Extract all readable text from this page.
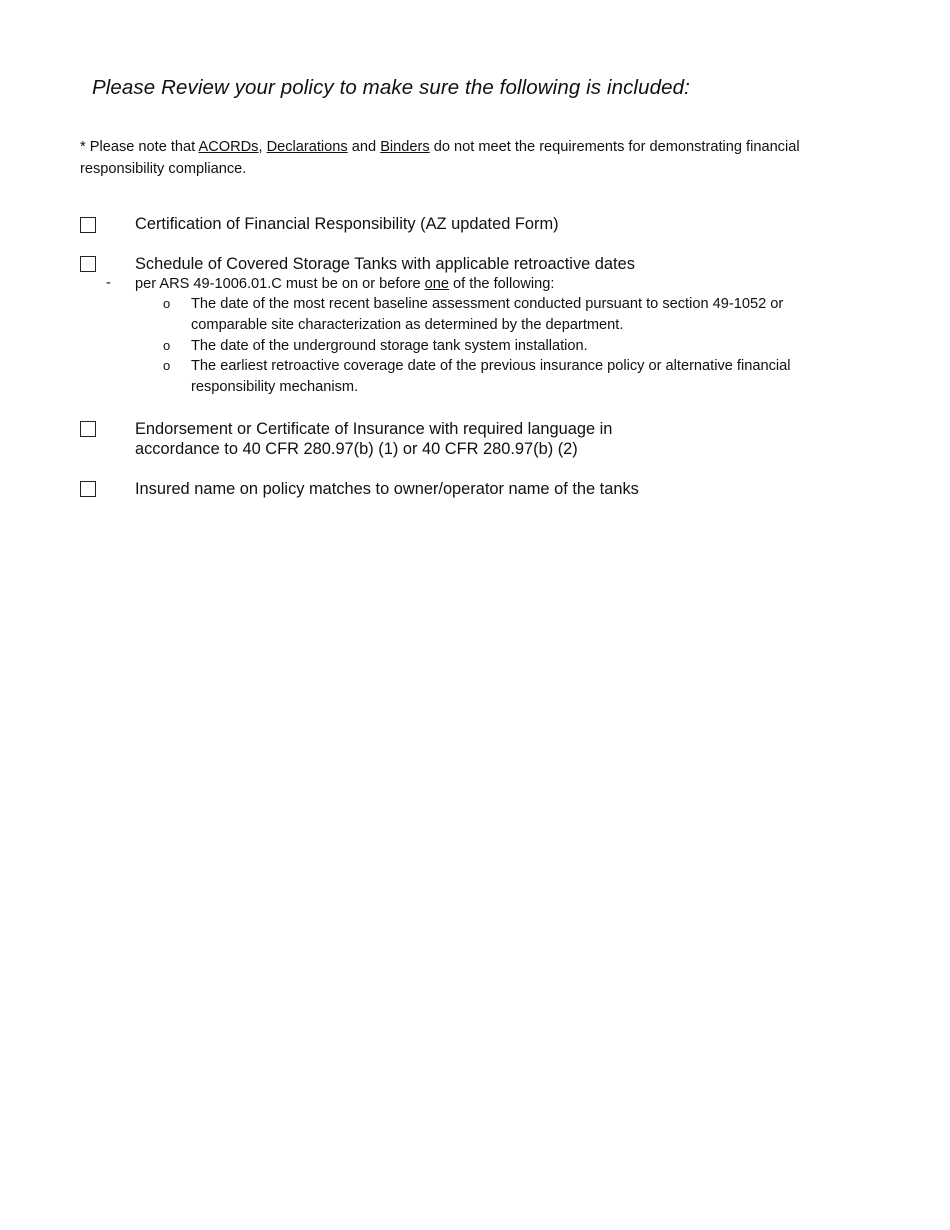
Please Review your policy to make sure the following is included:
* Please note that ACORDs, Declarations and Binders do not meet the requirements for demonstrating financial responsibility compliance.
Certification of Financial Responsibility (AZ updated Form)
Schedule of Covered Storage Tanks with applicable retroactive dates
- per ARS 49-1006.01.C must be on or before one of the following:
o The date of the most recent baseline assessment conducted pursuant to section 49-1052 or comparable site characterization as determined by the department.
o The date of the underground storage tank system installation.
o The earliest retroactive coverage date of the previous insurance policy or alternative financial responsibility mechanism.
Endorsement or Certificate of Insurance with required language in
accordance to 40 CFR 280.97(b) (1) or 40 CFR 280.97(b) (2)
Insured name on policy matches to owner/operator name of the tanks
